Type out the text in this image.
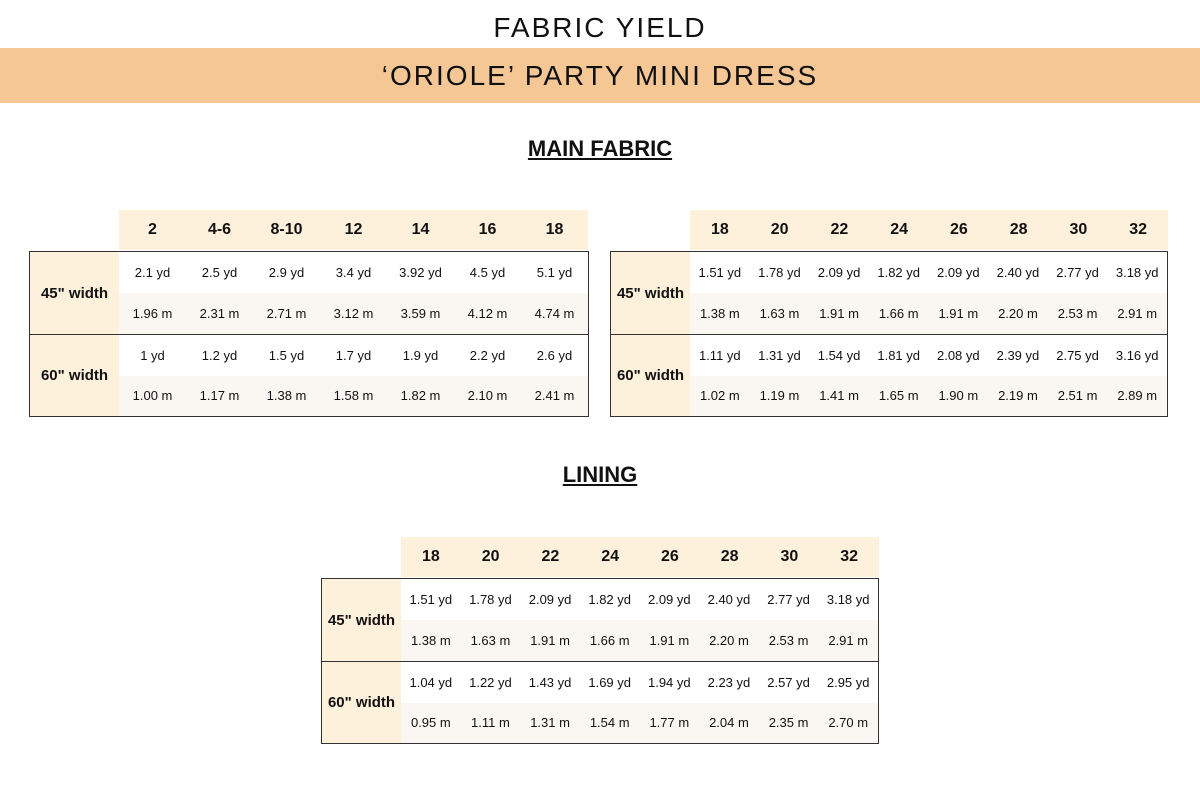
FABRIC YIELD
‘ORIOLE’ PARTY MINI DRESS
MAIN FABRIC
2	4-6	8-10	12	14	16	18
45" width
2.1 yd	2.5 yd	2.9 yd	3.4 yd	3.92 yd	4.5 yd	5.1 yd
1.96 m	2.31 m	2.71 m	3.12 m	3.59 m	4.12 m	4.74 m
60" width
1 yd	1.2 yd	1.5 yd	1.7 yd	1.9 yd	2.2 yd	2.6 yd
1.00 m	1.17 m	1.38 m	1.58 m	1.82 m	2.10 m	2.41 m
18	20	22	24	26	28	30	32
45" width
1.51 yd	1.78 yd	2.09 yd	1.82 yd	2.09 yd	2.40 yd	2.77 yd	3.18 yd
1.38 m	1.63 m	1.91 m	1.66 m	1.91 m	2.20 m	2.53 m	2.91 m
60" width
1.11 yd	1.31 yd	1.54 yd	1.81 yd	2.08 yd	2.39 yd	2.75 yd	3.16 yd
1.02 m	1.19 m	1.41 m	1.65 m	1.90 m	2.19 m	2.51 m	2.89 m
LINING
18	20	22	24	26	28	30	32
45" width
1.51 yd	1.78 yd	2.09 yd	1.82 yd	2.09 yd	2.40 yd	2.77 yd	3.18 yd
1.38 m	1.63 m	1.91 m	1.66 m	1.91 m	2.20 m	2.53 m	2.91 m
60" width
1.04 yd	1.22 yd	1.43 yd	1.69 yd	1.94 yd	2.23 yd	2.57 yd	2.95 yd
0.95 m	1.11 m	1.31 m	1.54 m	1.77 m	2.04 m	2.35 m	2.70 m
